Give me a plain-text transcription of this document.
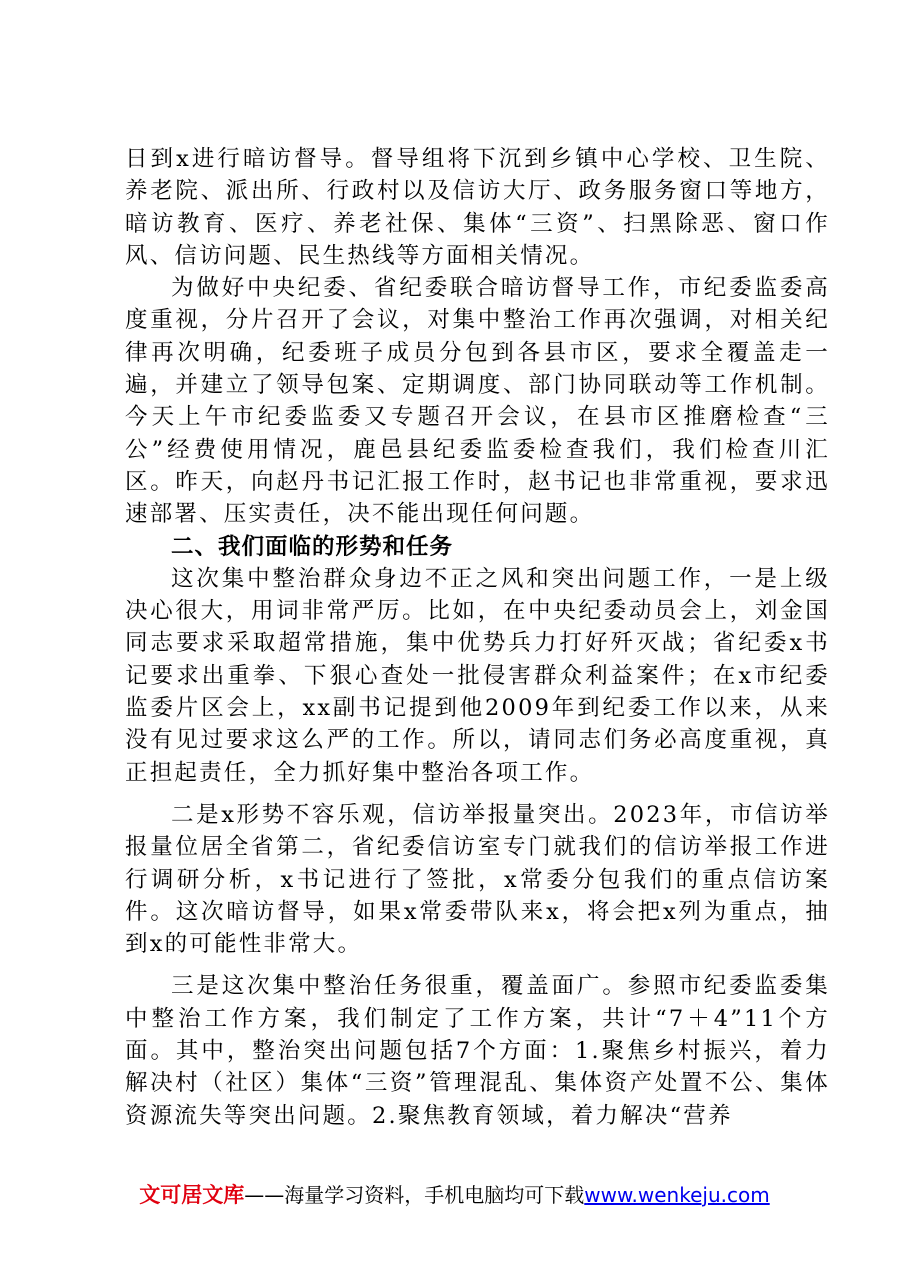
日到x进行暗访督导。督导组将下沉到乡镇中心学校、卫生院、养老院、派出所、行政村以及信访大厅、政务服务窗口等地方，暗访教育、医疗、养老社保、集体“三资”、扫黑除恶、窗口作风、信访问题、民生热线等方面相关情况。

为做好中央纪委、省纪委联合暗访督导工作，市纪委监委高度重视，分片召开了会议，对集中整治工作再次强调，对相关纪律再次明确，纪委班子成员分包到各县市区，要求全覆盖走一遍，并建立了领导包案、定期调度、部门协同联动等工作机制。今天上午市纪委监委又专题召开会议，在县市区推磨检查“三公”经费使用情况，鹿邑县纪委监委检查我们，我们检查川汇区。昨天，向赵丹书记汇报工作时，赵书记也非常重视，要求迅速部署、压实责任，决不能出现任何问题。

二、我们面临的形势和任务

这次集中整治群众身边不正之风和突出问题工作，一是上级决心很大，用词非常严厉。比如，在中央纪委动员会上，刘金国同志要求采取超常措施，集中优势兵力打好歼灭战；省纪委x书记要求出重拳、下狠心查处一批侵害群众利益案件；在x市纪委监委片区会上，xx副书记提到他2009年到纪委工作以来，从来没有见过要求这么严的工作。所以，请同志们务必高度重视，真正担起责任，全力抓好集中整治各项工作。

二是x形势不容乐观，信访举报量突出。2023年，市信访举报量位居全省第二，省纪委信访室专门就我们的信访举报工作进行调研分析，x书记进行了签批，x常委分包我们的重点信访案件。这次暗访督导，如果x常委带队来x，将会把x列为重点，抽到x的可能性非常大。

三是这次集中整治任务很重，覆盖面广。参照市纪委监委集中整治工作方案，我们制定了工作方案，共计“7＋4”11个方面。其中，整治突出问题包括7个方面：1.聚焦乡村振兴，着力解决村（社区）集体“三资”管理混乱、集体资产处置不公、集体资源流失等突出问题。2.聚焦教育领域，着力解决“营养

文可居文库——海量学习资料，手机电脑均可下载www.wenkeju.com
